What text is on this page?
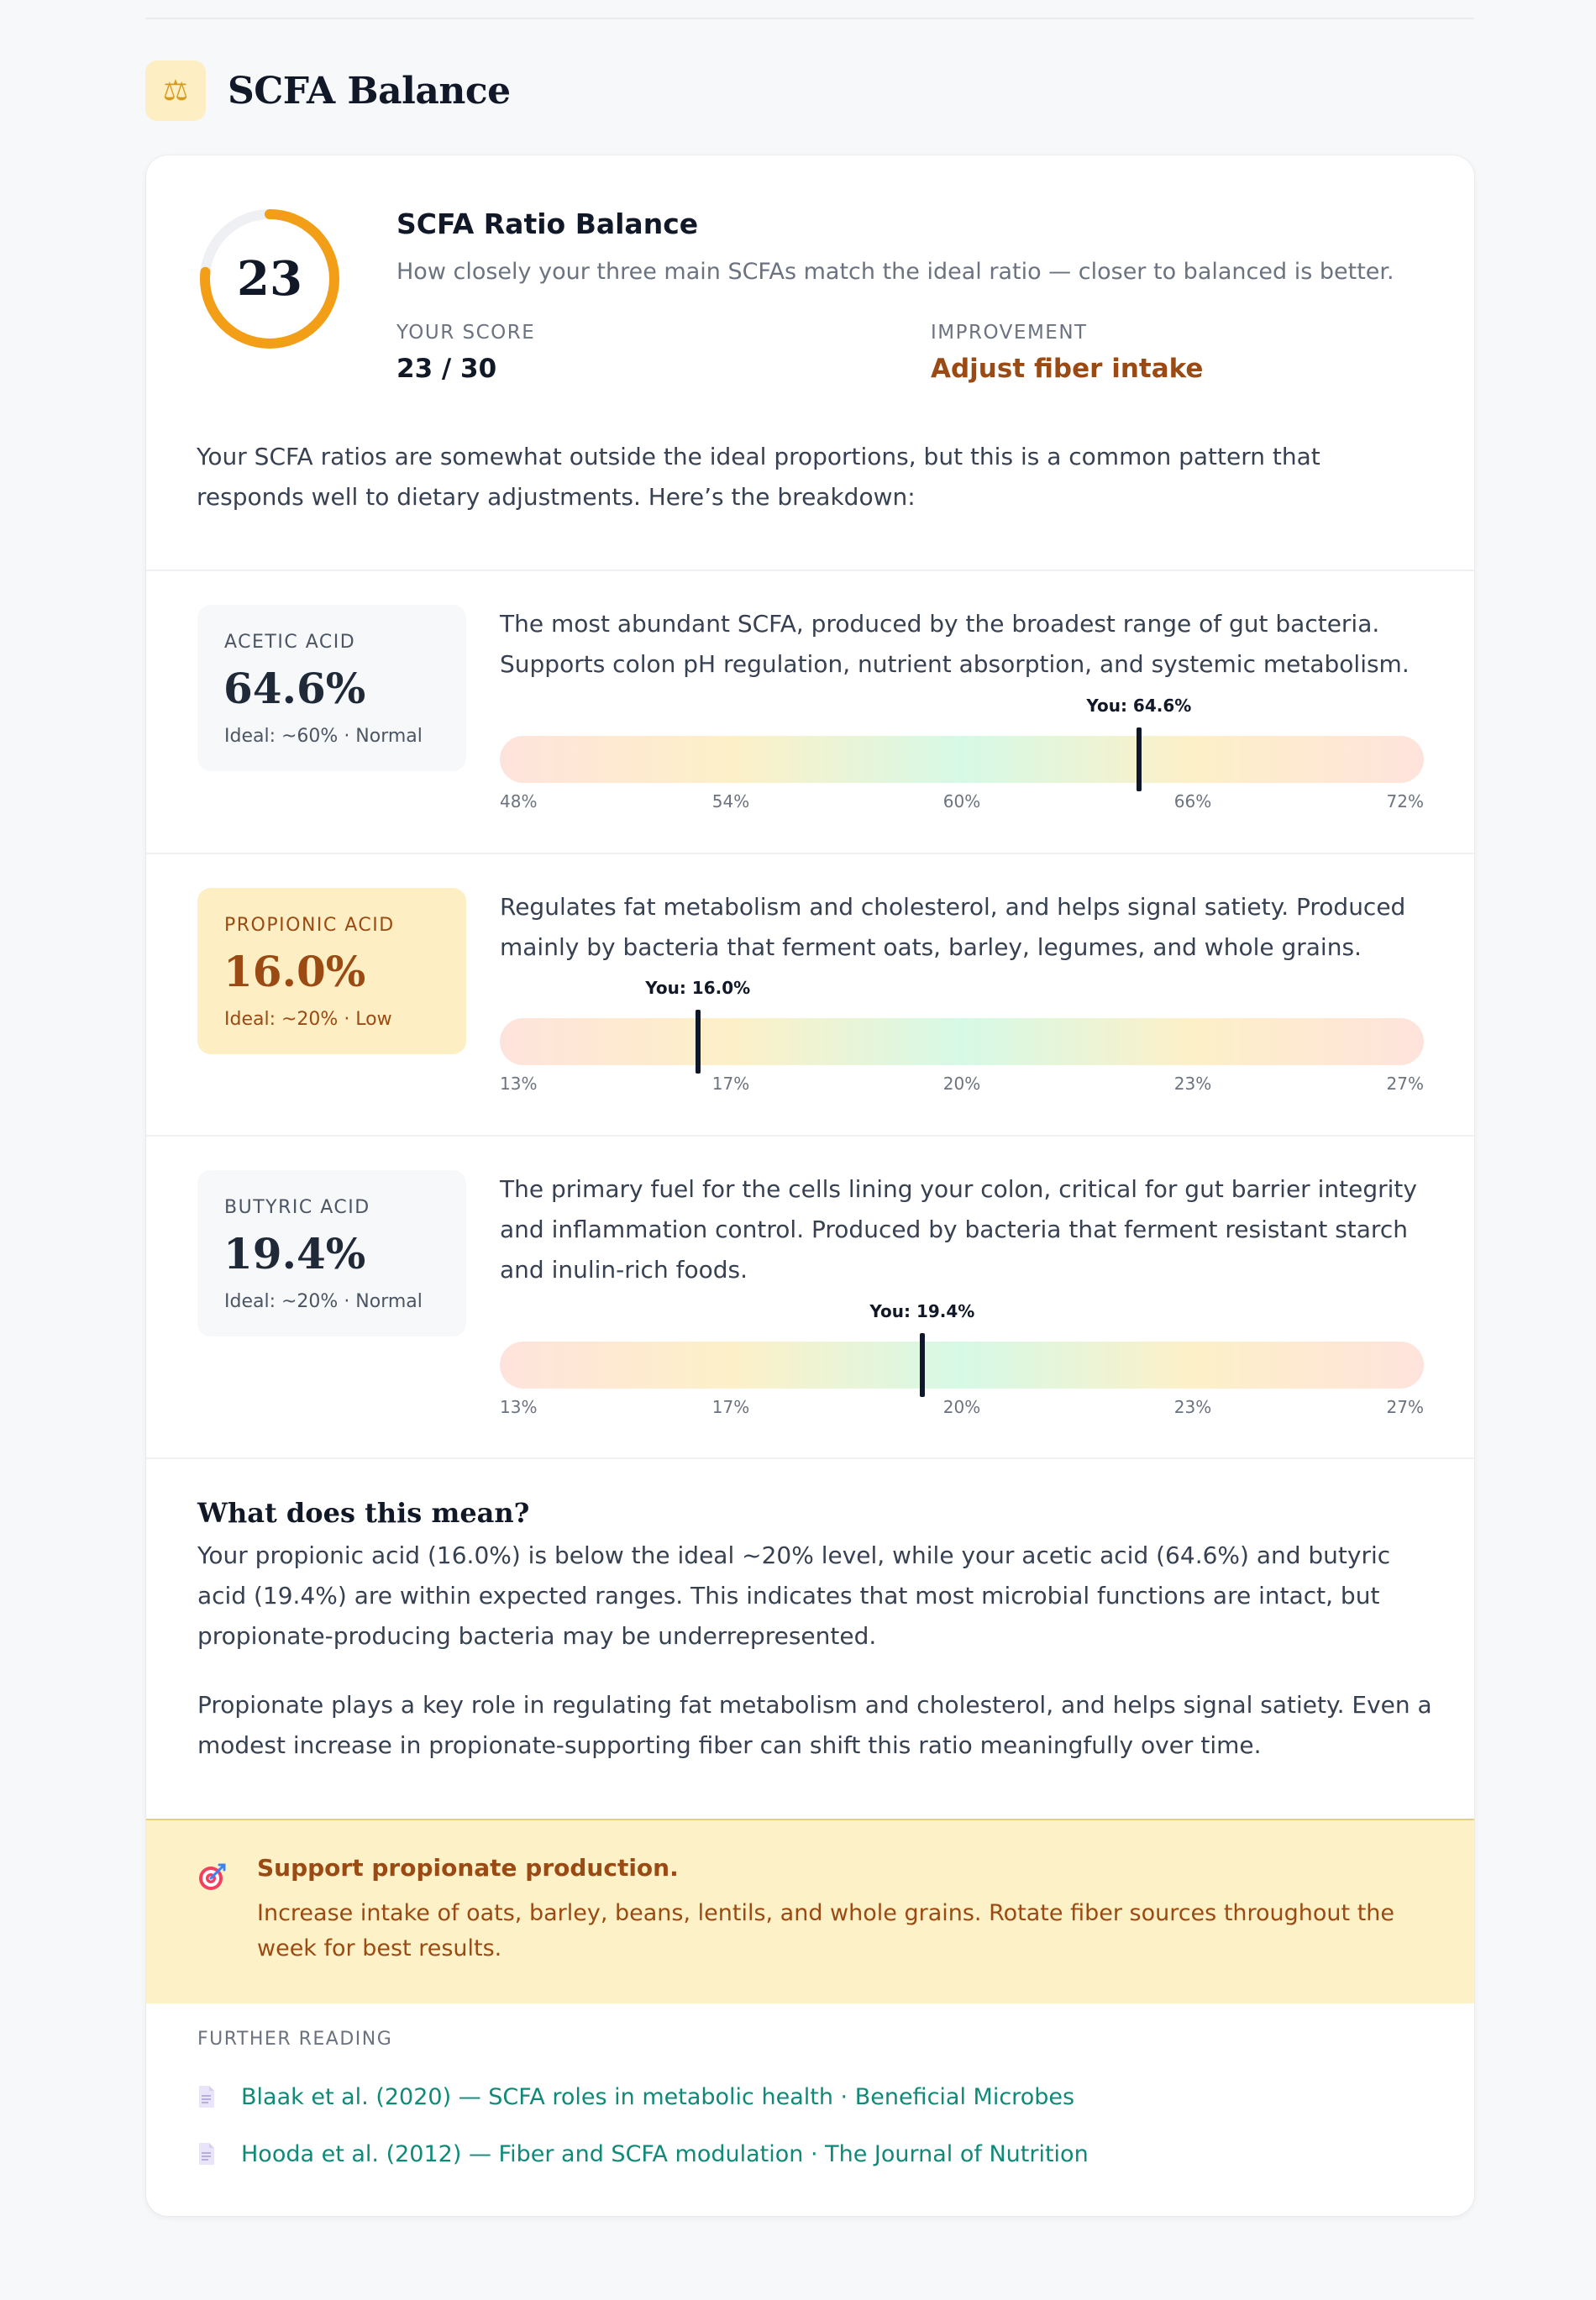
⚖	SCFA Balance
23
SCFA Ratio Balance
How closely your three main SCFAs match the ideal ratio — closer to balanced is better.
YOUR SCORE
23 / 30
IMPROVEMENT
Adjust fiber intake
Your SCFA ratios are somewhat outside the ideal proportions, but this is a common pattern that responds well to dietary adjustments. Here’s the breakdown:
ACETIC ACID
64.6%
Ideal: ~60% · Normal
The most abundant SCFA, produced by the broadest range of gut bacteria. Supports colon pH regulation, nutrient absorption, and systemic metabolism.
You: 64.6%
48%	54%	60%	66%	72%
PROPIONIC ACID
16.0%
Ideal: ~20% · Low
Regulates fat metabolism and cholesterol, and helps signal satiety. Produced mainly by bacteria that ferment oats, barley, legumes, and whole grains.
You: 16.0%
13%	17%	20%	23%	27%
BUTYRIC ACID
19.4%
Ideal: ~20% · Normal
The primary fuel for the cells lining your colon, critical for gut barrier integrity and inflammation control. Produced by bacteria that ferment resistant starch and inulin-rich foods.
You: 19.4%
13%	17%	20%	23%	27%
What does this mean?
Your propionic acid (16.0%) is below the ideal ~20% level, while your acetic acid (64.6%) and butyric acid (19.4%) are within expected ranges. This indicates that most microbial functions are intact, but propionate-producing bacteria may be underrepresented.
Propionate plays a key role in regulating fat metabolism and cholesterol, and helps signal satiety. Even a modest increase in propionate-supporting fiber can shift this ratio meaningfully over time.
Support propionate production.
Increase intake of oats, barley, beans, lentils, and whole grains. Rotate fiber sources throughout the week for best results.
FURTHER READING
Blaak et al. (2020) — SCFA roles in metabolic health · Beneficial Microbes
Hooda et al. (2012) — Fiber and SCFA modulation · The Journal of Nutrition
